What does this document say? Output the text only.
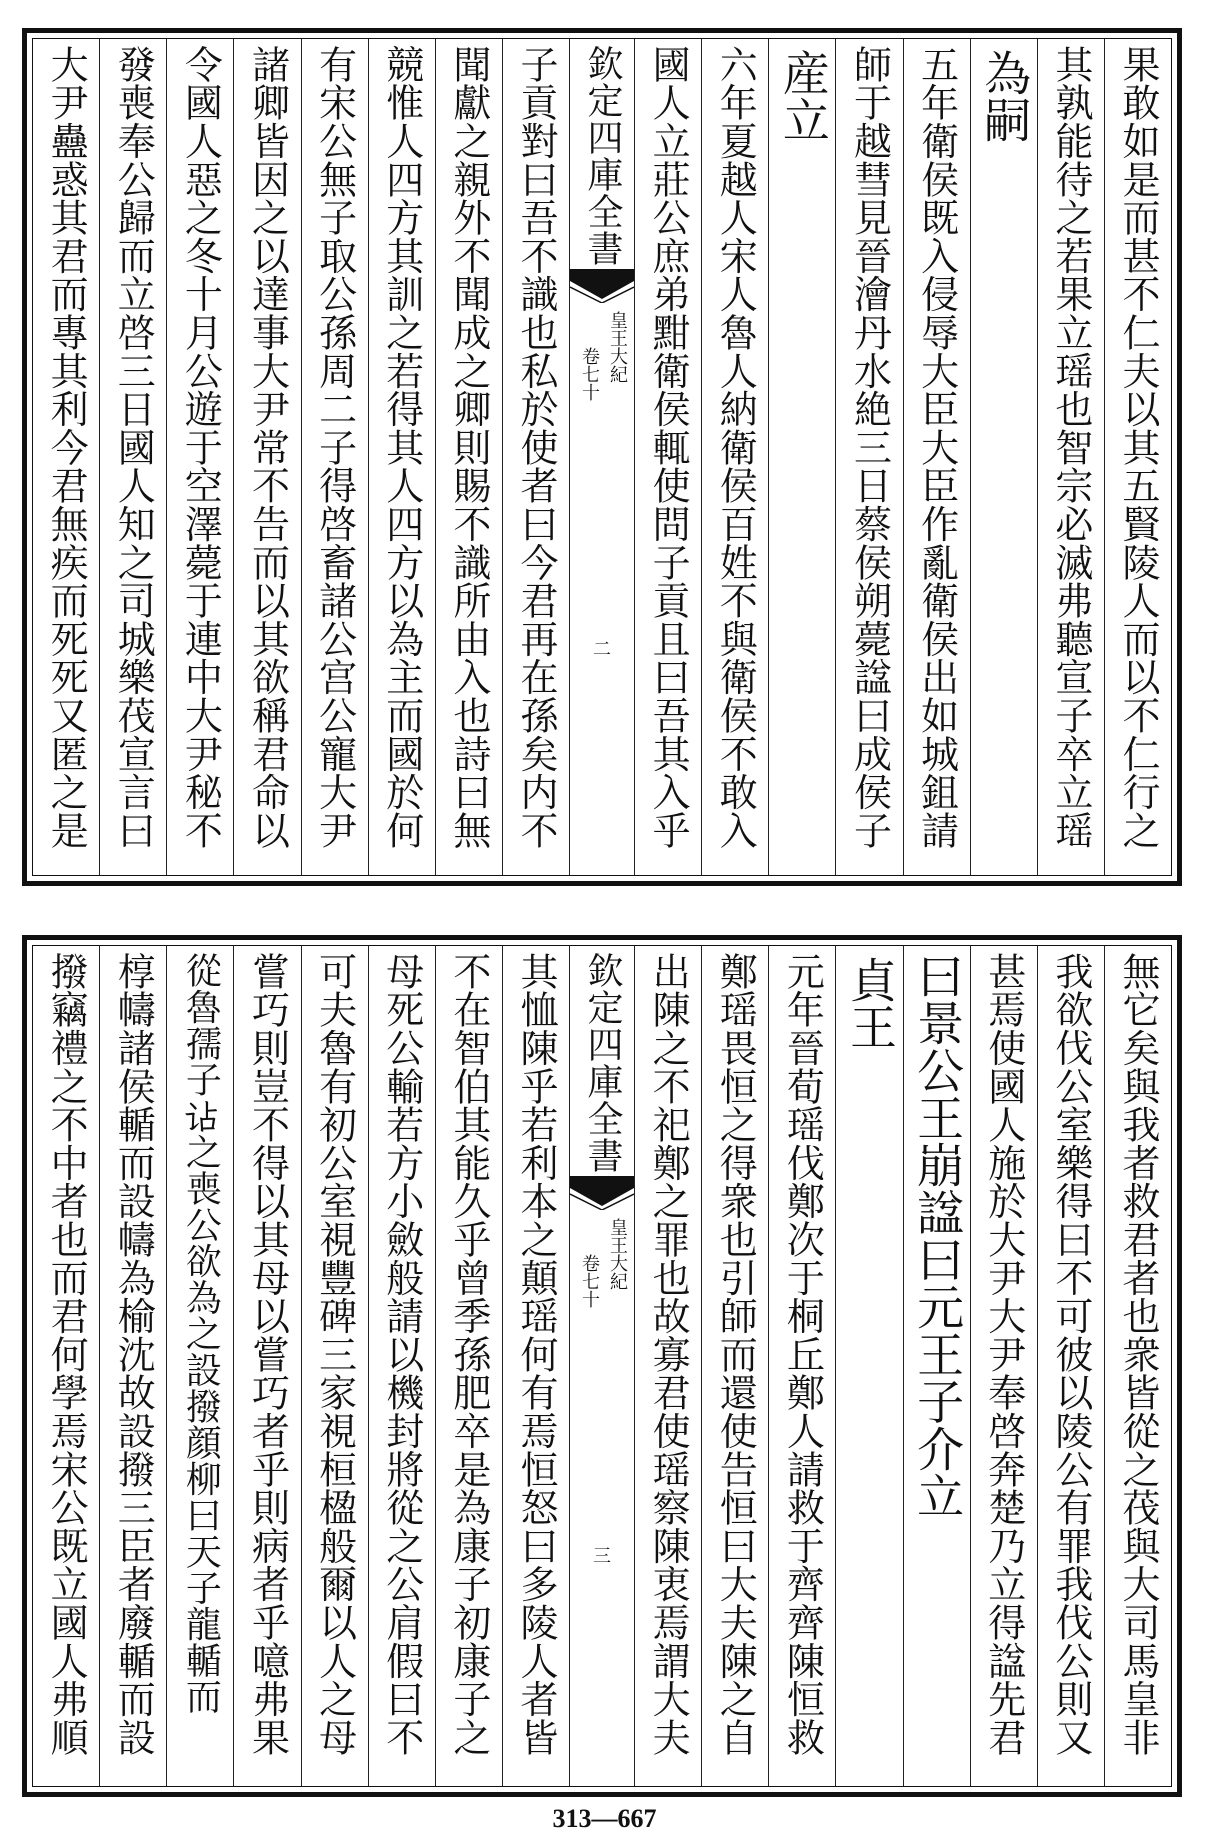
果敢如是而甚不仁夫以其五賢陵人而以不仁行之
其孰能待之若果立瑶也智宗必滅弗聽宣子卒立瑶
為嗣
五年衛侯既入侵辱大臣大臣作亂衛侯出如城鉏請
師于越彗見晉澮丹水絶三日蔡侯朔薨諡曰成侯子
産立
六年夏越人宋人魯人納衛侯百姓不與衛侯不敢入
國人立莊公庶弟黚衛侯輒使問子貢且曰吾其入乎
欽定四庫全書
皇王大紀
卷七十
二
子貢對曰吾不識也私於使者曰今君再在孫矣内不
聞獻之親外不聞成之卿則賜不識所由入也詩曰無
競惟人四方其訓之若得其人四方以為主而國於何
有宋公無子取公孫周二子得啓畜諸公宫公寵大尹
諸卿皆因之以達事大尹常不告而以其欲稱君命以
令國人惡之冬十月公遊于空澤薨于連中大尹秘不
發喪奉公歸而立啓三日國人知之司城樂茷宣言曰
大尹蠱惑其君而專其利今君無疾而死死又匿之是
無它矣與我者救君者也衆皆從之茷與大司馬皇非
我欲伐公室樂得曰不可彼以陵公有罪我伐公則又
甚焉使國人施於大尹大尹奉啓奔楚乃立得諡先君
曰景公王崩諡曰元王子介立
貞王
元年晉荀瑶伐鄭次于桐丘鄭人請救于齊齊陳恒救
鄭瑶畏恒之得衆也引師而還使告恒曰大夫陳之自
出陳之不祀鄭之罪也故寡君使瑶察陳衷焉謂大夫
欽定四庫全書
皇王大紀
卷七十
三
其恤陳乎若利本之顛瑶何有焉恒怒曰多陵人者皆
不在智伯其能久乎曾季孫肥卒是為康子初康子之
母死公輸若方小斂般請以機封將從之公肩假曰不
可夫魯有初公室視豐碑三家視桓楹般爾以人之母
嘗巧則豈不得以其母以嘗巧者乎則病者乎噫弗果
從魯孺子𧮪之喪公欲為之設撥顔柳曰天子龍輴而
椁幬諸侯輴而設幬為榆沈故設撥三臣者廢輴而設
撥竊禮之不中者也而君何學焉宋公既立國人弗順
313—667
